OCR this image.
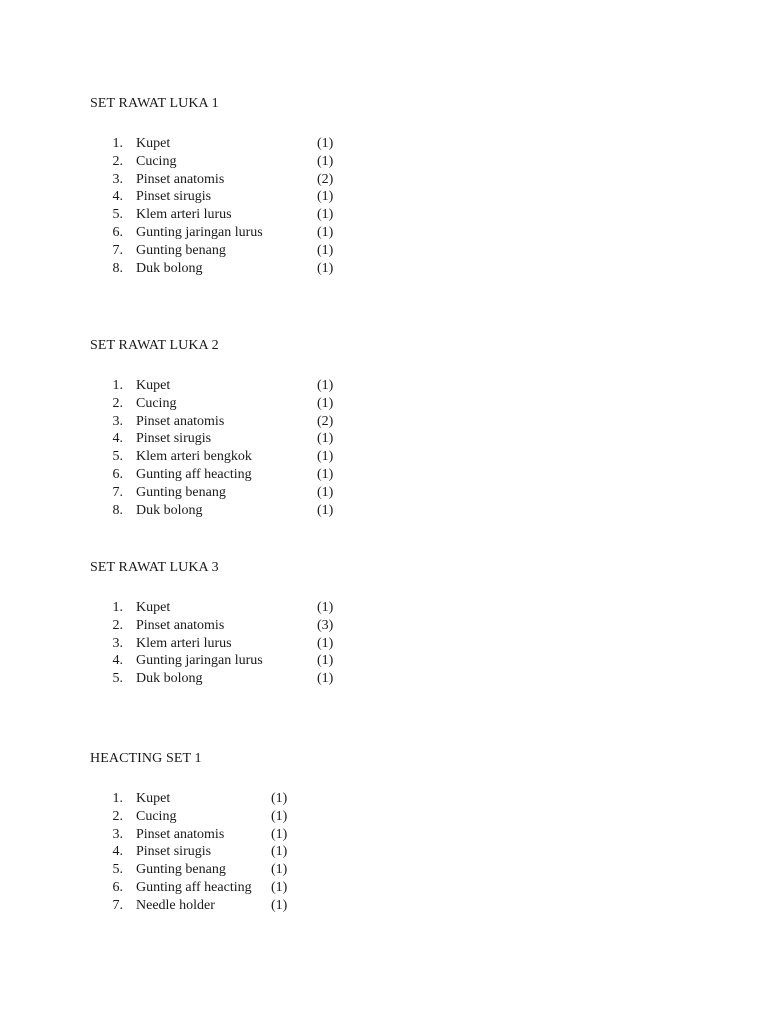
SET RAWAT LUKA 1
1. Kupet	(1)
2. Cucing	(1)
3. Pinset anatomis	(2)
4. Pinset sirugis	(1)
5. Klem arteri lurus	(1)
6. Gunting jaringan lurus	(1)
7. Gunting benang	(1)
8. Duk bolong	(1)
SET RAWAT LUKA 2
1. Kupet	(1)
2. Cucing	(1)
3. Pinset anatomis	(2)
4. Pinset sirugis	(1)
5. Klem arteri bengkok	(1)
6. Gunting aff heacting	(1)
7. Gunting benang	(1)
8. Duk bolong	(1)
SET RAWAT LUKA 3
1. Kupet	(1)
2. Pinset anatomis	(3)
3. Klem arteri lurus	(1)
4. Gunting jaringan lurus	(1)
5. Duk bolong	(1)
HEACTING SET 1
1. Kupet	(1)
2. Cucing	(1)
3. Pinset anatomis	(1)
4. Pinset sirugis	(1)
5. Gunting benang	(1)
6. Gunting aff heacting (1)
7. Needle holder	(1)
